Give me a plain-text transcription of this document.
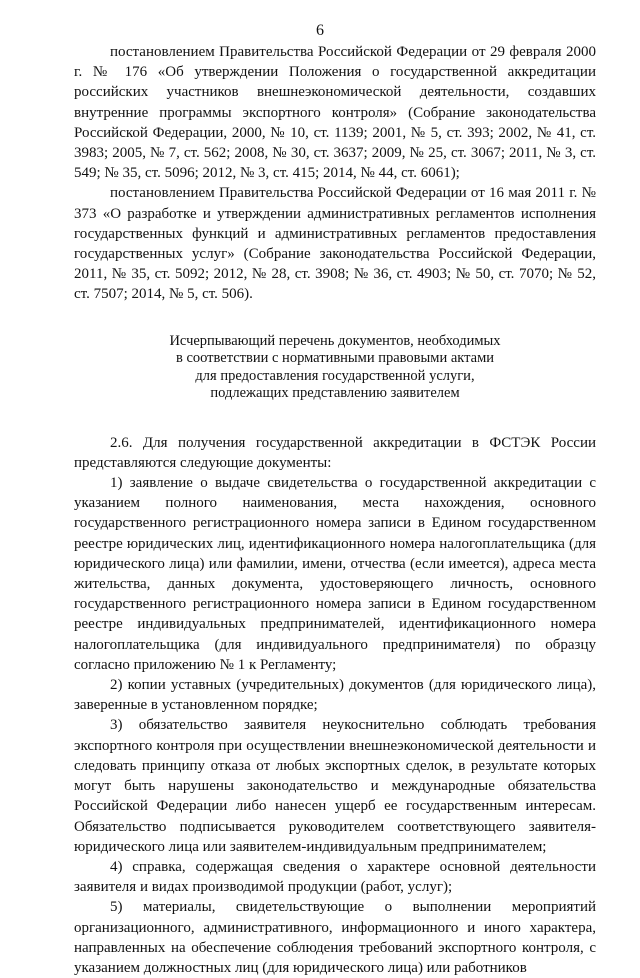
6

постановлением Правительства Российской Федерации от 29 февраля 2000 г. № 176 «Об утверждении Положения о государственной аккредитации российских участников внешнеэкономической деятельности, создавших внутренние программы экспортного контроля» (Собрание законодательства Российской Федерации, 2000, № 10, ст. 1139; 2001, № 5, ст. 393; 2002, № 41, ст. 3983; 2005, № 7, ст. 562; 2008, № 30, ст. 3637; 2009, № 25, ст. 3067; 2011, № 3, ст. 549; № 35, ст. 5096; 2012, № 3, ст. 415; 2014, № 44, ст. 6061);

постановлением Правительства Российской Федерации от 16 мая 2011 г. № 373 «О разработке и утверждении административных регламентов исполнения государственных функций и административных регламентов предоставления государственных услуг» (Собрание законодательства Российской Федерации, 2011, № 35, ст. 5092; 2012, № 28, ст. 3908; № 36, ст. 4903; № 50, ст. 7070; № 52, ст. 7507; 2014, № 5, ст. 506).

Исчерпывающий перечень документов, необходимых
в соответствии с нормативными правовыми актами
для предоставления государственной услуги,
подлежащих представлению заявителем

2.6. Для получения государственной аккредитации в ФСТЭК России представляются следующие документы:

1) заявление о выдаче свидетельства о государственной аккредитации с указанием полного наименования, места нахождения, основного государственного регистрационного номера записи в Едином государственном реестре юридических лиц, идентификационного номера налогоплательщика (для юридического лица) или фамилии, имени, отчества (если имеется), адреса места жительства, данных документа, удостоверяющего личность, основного государственного регистрационного номера записи в Едином государственном реестре индивидуальных предпринимателей, идентификационного номера налогоплательщика (для индивидуального предпринимателя) по образцу согласно приложению № 1 к Регламенту;

2) копии уставных (учредительных) документов (для юридического лица), заверенные в установленном порядке;

3) обязательство заявителя неукоснительно соблюдать требования экспортного контроля при осуществлении внешнеэкономической деятельности и следовать принципу отказа от любых экспортных сделок, в результате которых могут быть нарушены законодательство и международные обязательства Российской Федерации либо нанесен ущерб ее государственным интересам. Обязательство подписывается руководителем соответствующего заявителя-юридического лица или заявителем-индивидуальным предпринимателем;

4) справка, содержащая сведения о характере основной деятельности заявителя и видах производимой продукции (работ, услуг);

5) материалы, свидетельствующие о выполнении мероприятий организационного, административного, информационного и иного характера, направленных на обеспечение соблюдения требований экспортного контроля, с указанием должностных лиц (для юридического лица) или работников
